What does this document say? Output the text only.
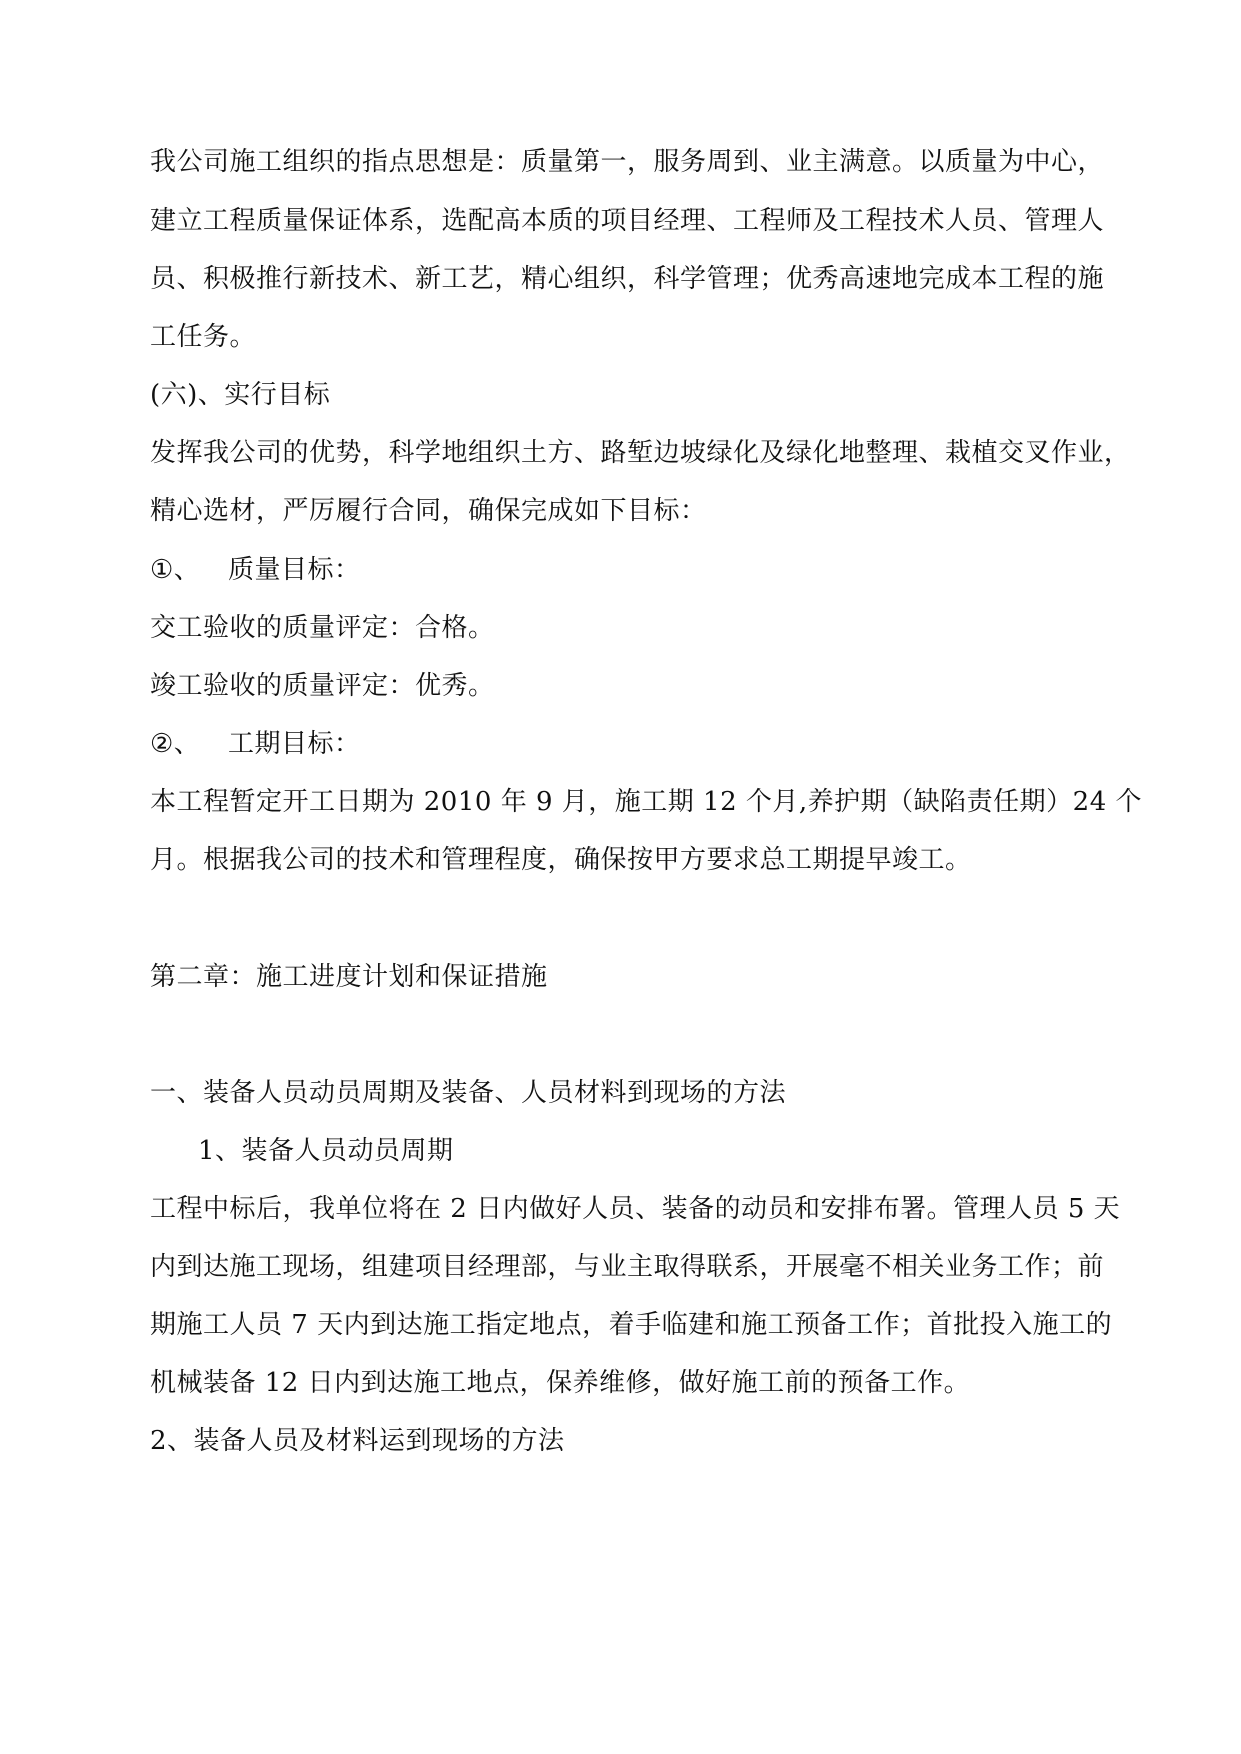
我公司施工组织的指点思想是：质量第一，服务周到、业主满意。以质量为中心，
建立工程质量保证体系，选配高本质的项目经理、工程师及工程技术人员、管理人
员、积极推行新技术、新工艺，精心组织，科学管理；优秀高速地完成本工程的施
工任务。
(六)、实行目标
发挥我公司的优势，科学地组织土方、路堑边坡绿化及绿化地整理、栽植交叉作业，
精心选材，严厉履行合同，确保完成如下目标：
①、 质量目标：
交工验收的质量评定：合格。
竣工验收的质量评定：优秀。
②、 工期目标：
本工程暂定开工日期为 2010 年 9 月，施工期 12 个月,养护期（缺陷责任期）24 个
月。根据我公司的技术和管理程度，确保按甲方要求总工期提早竣工。
第二章：施工进度计划和保证措施
一、装备人员动员周期及装备、人员材料到现场的方法
1、装备人员动员周期
工程中标后，我单位将在 2 日内做好人员、装备的动员和安排布署。管理人员 5 天
内到达施工现场，组建项目经理部，与业主取得联系，开展毫不相关业务工作；前
期施工人员 7 天内到达施工指定地点，着手临建和施工预备工作；首批投入施工的
机械装备 12 日内到达施工地点，保养维修，做好施工前的预备工作。
2、装备人员及材料运到现场的方法
